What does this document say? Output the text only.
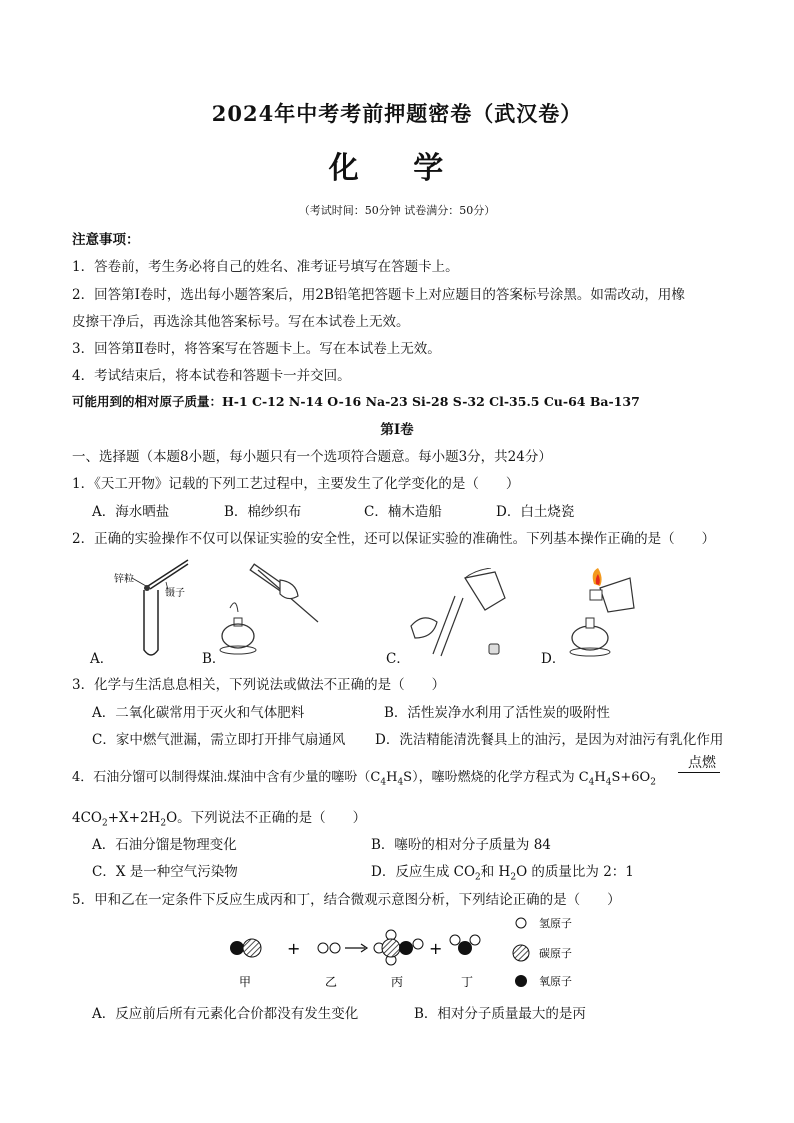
2024年中考考前押题密卷（武汉卷）
化 学
（考试时间：50分钟 试卷满分：50分）
注意事项：
1．答卷前，考生务必将自己的姓名、准考证号填写在答题卡上。
2．回答第Ⅰ卷时，选出每小题答案后，用2B铅笔把答题卡上对应题目的答案标号涂黑。如需改动，用橡
皮擦干净后，再选涂其他答案标号。写在本试卷上无效。
3．回答第Ⅱ卷时，将答案写在答题卡上。写在本试卷上无效。
4．考试结束后，将本试卷和答题卡一并交回。
可能用到的相对原子质量：H-1 C-12 N-14 O-16 Na-23 Si-28 S-32 Cl-35.5 Cu-64 Ba-137
第Ⅰ卷
一、选择题（本题8小题，每小题只有一个选项符合题意。每小题3分，共24分）
1．《天工开物》记载的下列工艺过程中，主要发生了化学变化的是（　　）
A．海水晒盐	B．棉纱织布	C．楠木造船	D．白土烧瓷
2．正确的实验操作不仅可以保证实验的安全性，还可以保证实验的准确性。下列基本操作正确的是（　　）
锌粒
镊子
A．	B．	C．	D．
3．化学与生活息息相关，下列说法或做法不正确的是（　　）
A．二氧化碳常用于灭火和气体肥料	B．活性炭净水利用了活性炭的吸附性
C．家中燃气泄漏，需立即打开排气扇通风 D．洗洁精能清洗餐具上的油污，是因为对油污有乳化作用
4．石油分馏可以制得煤油.煤油中含有少量的噻吩$(C_4H_4S)$，噻吩燃烧的化学方程式为 $C_4H_4S+6O_2$
点燃
$4CO_2+X+2H_2O$。下列说法不正确的是（　　）
A．石油分馏是物理变化	B．噻吩的相对分子质量为 84
C．X 是一种空气污染物	D．反应生成 $CO_2$和 $H_2O$ 的质量比为 2：1
5．甲和乙在一定条件下反应生成丙和丁，结合微观示意图分析，下列结论正确的是（　　）
+	+
甲	乙	丙	丁
氢原子
碳原子
氧原子
A．反应前后所有元素化合价都没有发生变化	B．相对分子质量最大的是丙
